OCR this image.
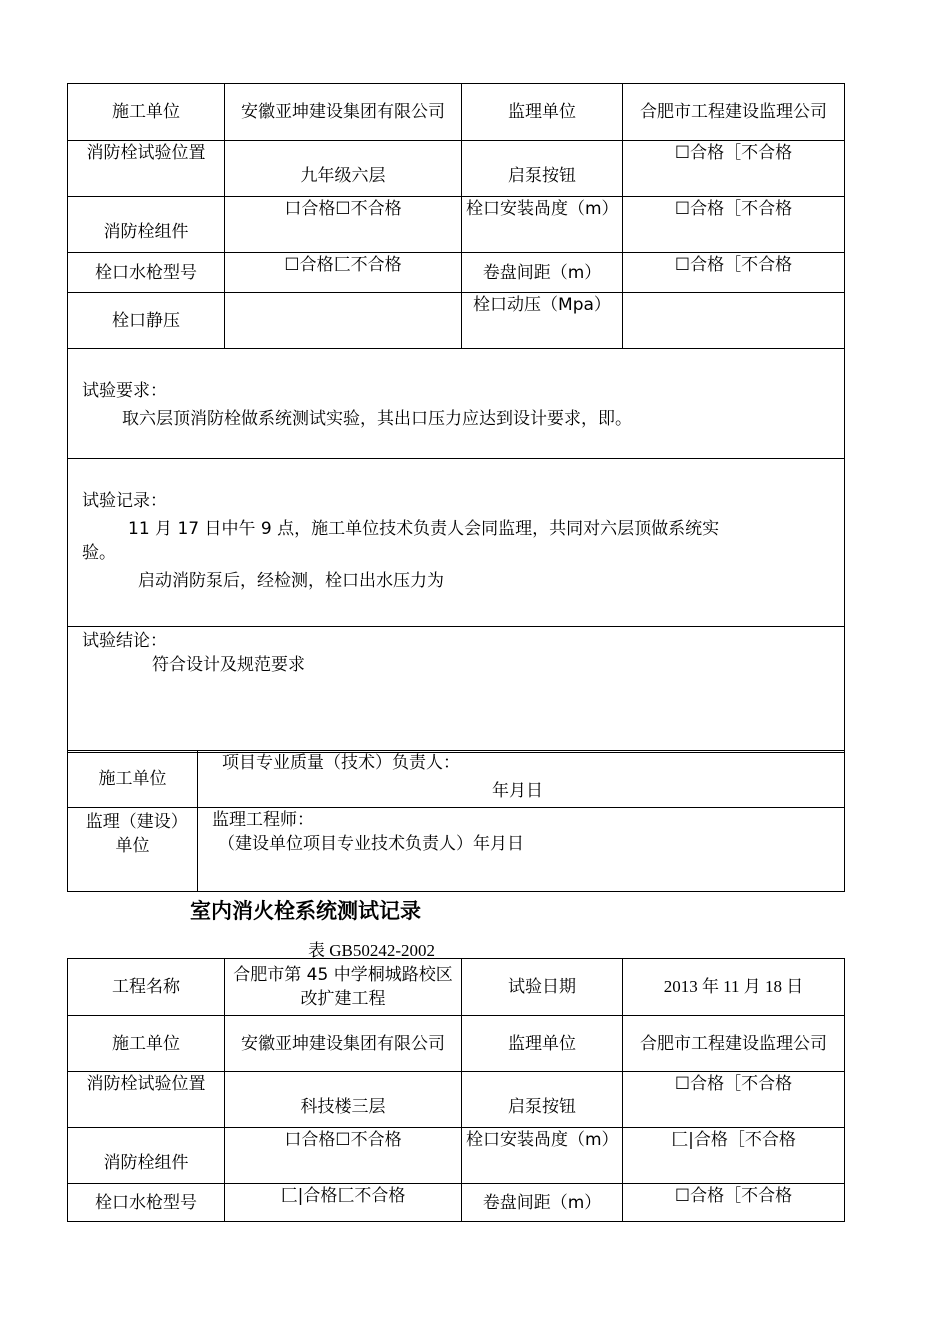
施工单位	安徽亚坤建设集团有限公司	监理单位	合肥市工程建设监理公司
消防栓试验位置	九年级六层	启泵按钮	☐合格［不合格
消防栓组件	口合格☐不合格	栓口安装咼度（m）	☐合格［不合格
栓口水枪型号	☐合格匚不合格	卷盘间距（m）	☐合格［不合格
栓口静压		栓口动压（Mpa）	

试验要求：
取六层顶消防栓做系统测试实验，其出口压力应达到设计要求，即。			

试验记录：
11 月 17 日中午 9 点，施工单位技术负责人会同监理，共同对六层顶做系统实
验。
启动消防泵后，经检测，栓口出水压力为			

试验结论：
符合设计及规范要求			
施工单位	项目专业质量（技术）负责人：
年月日

监理（建设）单位	监理工程师：
（建设单位项目专业技术负责人）年月日
室内消火栓系统测试记录
表 GB50242-2002
工程名称	合肥市第 45 中学桐城路校区改扩建工程	试验日期	2013 年 11 月 18 日
施工单位	安徽亚坤建设集团有限公司	监理单位	合肥市工程建设监理公司
消防栓试验位置	科技楼三层	启泵按钮	☐合格［不合格
消防栓组件	口合格☐不合格	栓口安装咼度（m）	匚|合格［不合格
栓口水枪型号	匚|合格匚不合格	卷盘间距（m）	☐合格［不合格
